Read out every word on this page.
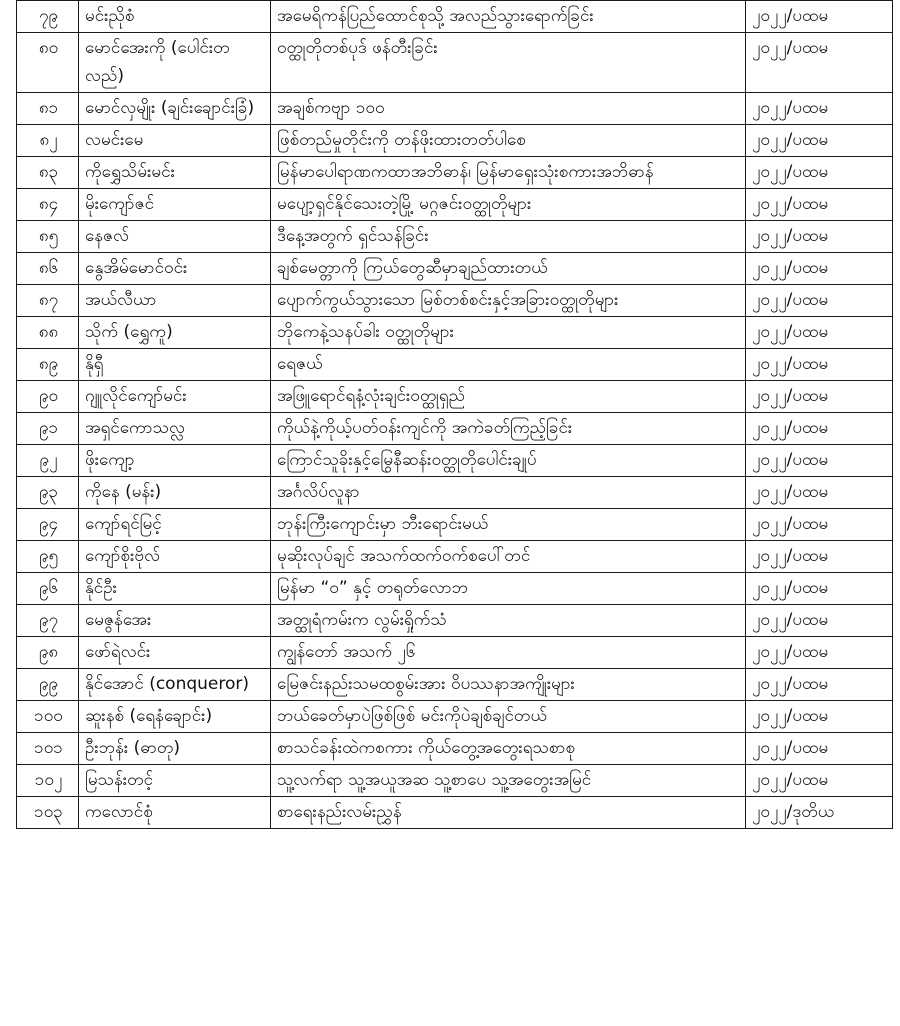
၇၉	မင်းညိုစံ	အမေရိကန်ပြည်ထောင်စုသို့ အလည်သွားရောက်ခြင်း	၂၀၂၂/ပထမ
၈၀	မောင်အေးကို (ပေါင်းတလည်)	ဝတ္ထုတိုတစ်ပုဒ် ဖန်တီးခြင်း	၂၀၂၂/ပထမ
၈၁	မောင်လှမျိုး (ချင်းချောင်းခြံ)	အချစ်ကဗျာ ၁၀၀	၂၀၂၂/ပထမ
၈၂	လမင်းမေ	ဖြစ်တည်မှုတိုင်းကို တန်ဖိုးထားတတ်ပါစေ	၂၀၂၂/ပထမ
၈၃	ကိုရွှေသိမ်းမင်း	မြန်မာပေါရာဏကထာအဘိဓာန်၊ မြန်မာရှေးသုံးစကားအဘိဓာန်	၂၀၂၂/ပထမ
၈၄	မိုးကျော်ဇင်	မပျော့ရှင်နိုင်သေးတဲ့မြို့ မဂ္ဂဇင်းဝတ္ထုတိုများ	၂၀၂၂/ပထမ
၈၅	နေဇလ်	ဒီနေ့အတွက် ရှင်သန်ခြင်း	၂၀၂၂/ပထမ
၈၆	နွေအိမ်မောင်ဝင်း	ချစ်မေတ္တာကို ကြယ်တွေဆီမှာချည်ထားတယ်	၂၀၂၂/ပထမ
၈၇	အယ်လီယာ	ပျောက်ကွယ်သွားသော မြစ်တစ်စင်းနှင့်အခြားဝတ္ထုတိုများ	၂၀၂၂/ပထမ
၈၈	သိုက် (ရွှေကူ)	ဘိုကေနဲ့သနပ်ခါး ဝတ္ထုတိုများ	၂၀၂၂/ပထမ
၈၉	နိုရှီ	ရေဇယ်	၂၀၂၂/ပထမ
၉၀	ဂျူလိုင်ကျော်မင်း	အဖြူရောင်ရနံ့လုံးချင်းဝတ္ထုရှည်	၂၀၂၂/ပထမ
၉၁	အရှင်ကောသလ္လ	ကိုယ်နဲ့ကိုယ့်ပတ်ဝန်းကျင်ကို အကဲခတ်ကြည့်ခြင်း	၂၀၂၂/ပထမ
၉၂	ဖိုးကျော့	ကြောင်သူခိုးနှင့်မြွေနီဆန်းဝတ္ထုတိုပေါင်းချုပ်	၂၀၂၂/ပထမ
၉၃	ကိုနေ (မန်း)	အင်္ဂလိပ်လူနာ	၂၀၂၂/ပထမ
၉၄	ကျော်ရင်မြင့်	ဘုန်းကြီးကျောင်းမှာ ဘီးရောင်းမယ်	၂၀၂၂/ပထမ
၉၅	ကျော်စိုးဗိုလ်	မုဆိုးလုပ်ချင် အသက်ထက်ဝက်စပေါ်တင်	၂၀၂၂/ပထမ
၉၆	နိုင်ဦး	မြန်မာ “၀” နှင့် တရုတ်လောဘ	၂၀၂၂/ပထမ
၉၇	မေဇွန်အေး	အတ္ထုရံကမ်းက လွမ်းရှိုက်သံ	၂၀၂၂/ပထမ
၉၈	ဖော်ရဲလင်း	ကျွန်တော် အသက် ၂၆	၂၀၂၂/ပထမ
၉၉	နိုင်အောင် (conqueror)	မြေဇင်းနည်းသမထစွမ်းအား ဝိပဿနာအကျိုးများ	၂၀၂၂/ပထမ
၁၀၀	ဆူးနစ် (ရေနံချောင်း)	ဘယ်ခေတ်မှာပဲဖြစ်ဖြစ် မင်းကိုပဲချစ်ချင်တယ်	၂၀၂၂/ပထမ
၁၀၁	ဦးဘုန်း (ဓာတု)	စာသင်ခန်းထဲကစကား ကိုယ်တွေ့အတွေးရသစာစု	၂၀၂၂/ပထမ
၁၀၂	မြသန်းတင့်	သူ့လက်ရာ သူ့အယူအဆ သူ့စာပေ သူ့အတွေးအမြင်	၂၀၂၂/ပထမ
၁၀၃	ကလောင်စုံ	စာရေးနည်းလမ်းညွှန်	၂၀၂၂/ဒုတိယ
